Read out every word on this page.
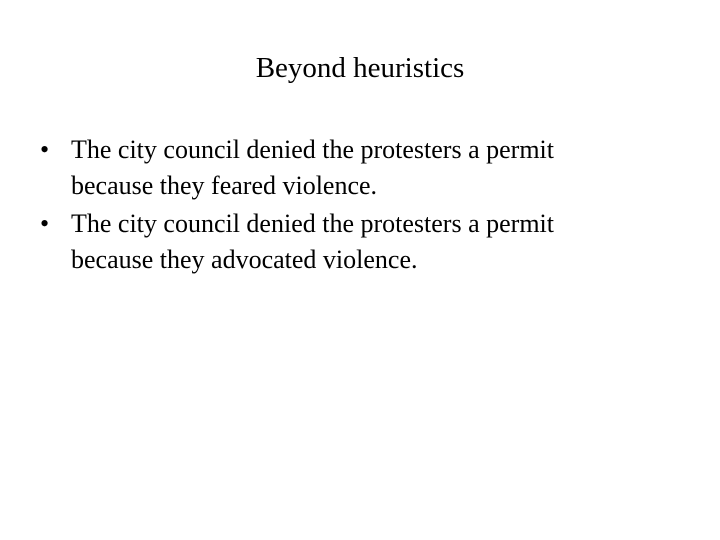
Beyond heuristics
• The city council denied the protesters a permit because they feared violence.
• The city council denied the protesters a permit because they advocated violence.
